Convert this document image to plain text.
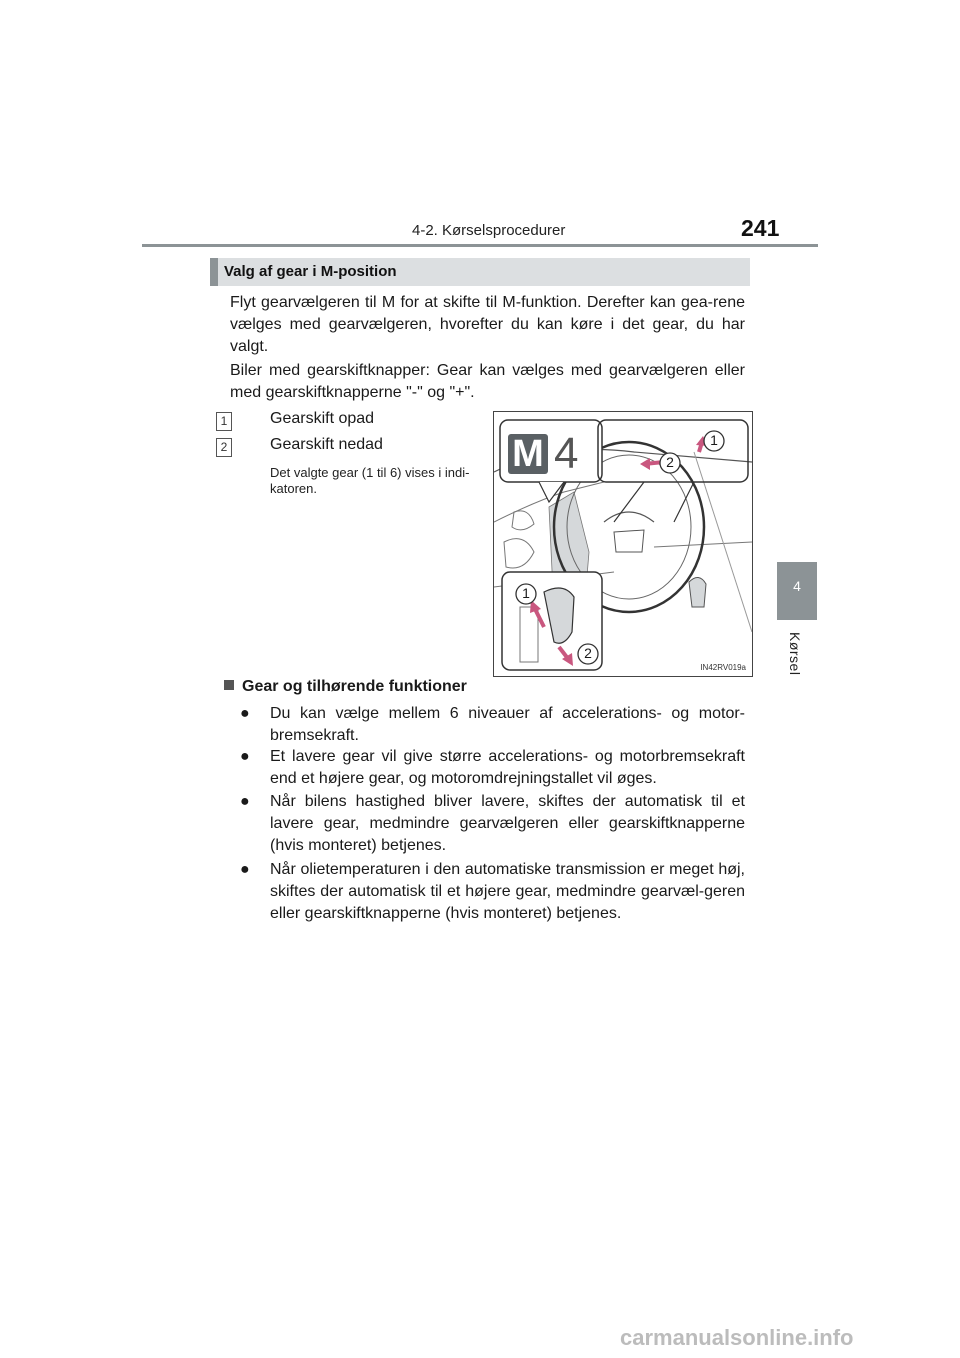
4-2. Kørselsprocedurer	241
4
Kørsel
Valg af gear i M-position

Flyt gearvælgeren til M for at skifte til M-funktion. Derefter kan gea-rene vælges med gearvælgeren, hvorefter du kan køre i det gear, du har valgt.

Biler med gearskiftknapper: Gear kan vælges med gearvælgeren eller med gearskiftknapperne "-" og "+".

1	Gearskift opad
2	Gearskift nedad

Det valgte gear (1 til 6) vises i indi-katoren.

M 4	1
2
1
2
IN42RV019a
Gear og tilhørende funktioner
● Du kan vælge mellem 6 niveauer af accelerations- og motor-bremsekraft.
● Et lavere gear vil give større accelerations- og motorbremsekraft end et højere gear, og motoromdrejningstallet vil øges.
● Når bilens hastighed bliver lavere, skiftes der automatisk til et lavere gear, medmindre gearvælgeren eller gearskiftknapperne (hvis monteret) betjenes.
● Når olietemperaturen i den automatiske transmission er meget høj, skiftes der automatisk til et højere gear, medmindre gearvæl-geren eller gearskiftknapperne (hvis monteret) betjenes.
carmanualsonline.info
